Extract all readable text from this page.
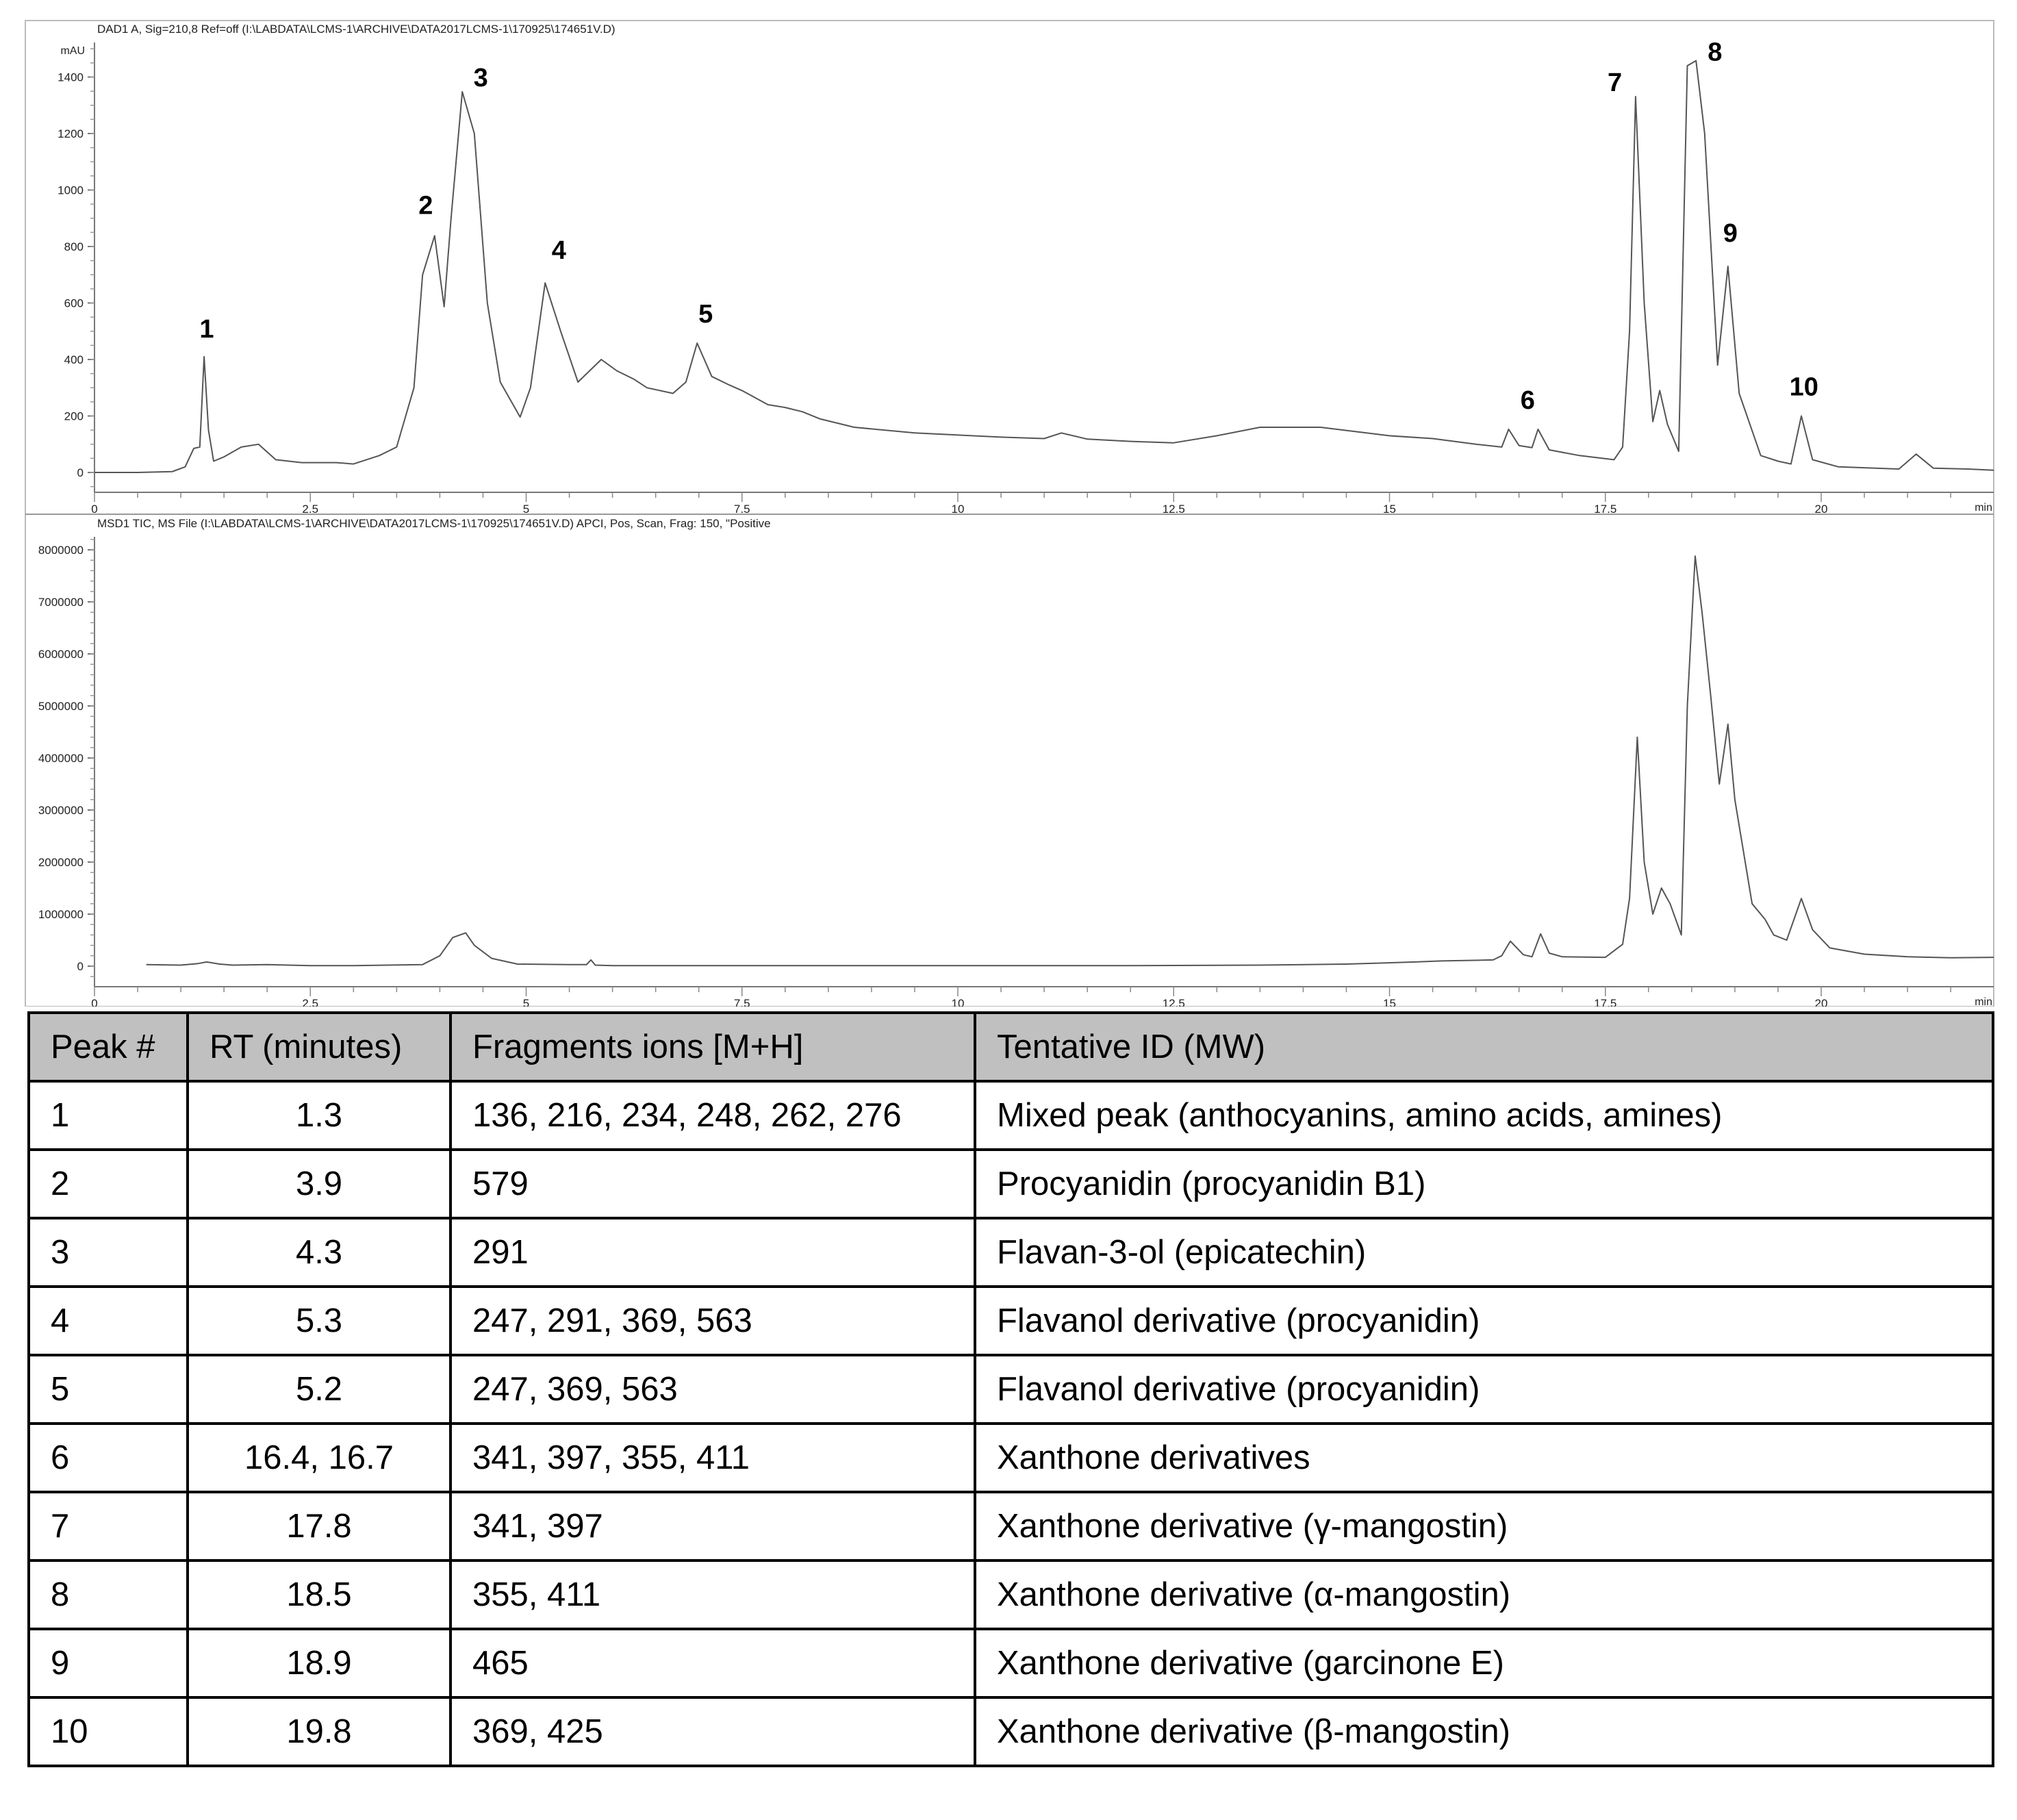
DAD1 A, Sig=210,8 Ref=off (I:\LABDATA\LCMS-1\ARCHIVE\DATA2017LCMS-1\170925\174651V.D)
mAU
0
200
400
600
800
1000
1200
1400
0	2.5	5	7.5	10	12.5	15	17.5	20
1
2
3
4
5
6
7
8
9
10
min
MSD1 TIC, MS File (I:\LABDATA\LCMS-1\ARCHIVE\DATA2017LCMS-1\170925\174651V.D) APCI, Pos, Scan, Frag: 150, "Positive
0
1000000
2000000
3000000
4000000
5000000
6000000
7000000
8000000
0	2.5	5	7.5	10	12.5	15	17.5	20	min
Peak #	RT (minutes)	Fragments ions [M+H]	Tentative ID (MW)
1	1.3	136, 216, 234, 248, 262, 276	Mixed peak (anthocyanins, amino acids, amines)
2	3.9	579	Procyanidin (procyanidin B1)
3	4.3	291	Flavan-3-ol (epicatechin)
4	5.3	247, 291, 369, 563	Flavanol derivative (procyanidin)
5	5.2	247, 369, 563	Flavanol derivative (procyanidin)
6	16.4, 16.7	341, 397, 355, 411	Xanthone derivatives
7	17.8	341, 397	Xanthone derivative (γ-mangostin)
8	18.5	355, 411	Xanthone derivative (α-mangostin)
9	18.9	465	Xanthone derivative (garcinone E)
10	19.8	369, 425	Xanthone derivative (β-mangostin)
